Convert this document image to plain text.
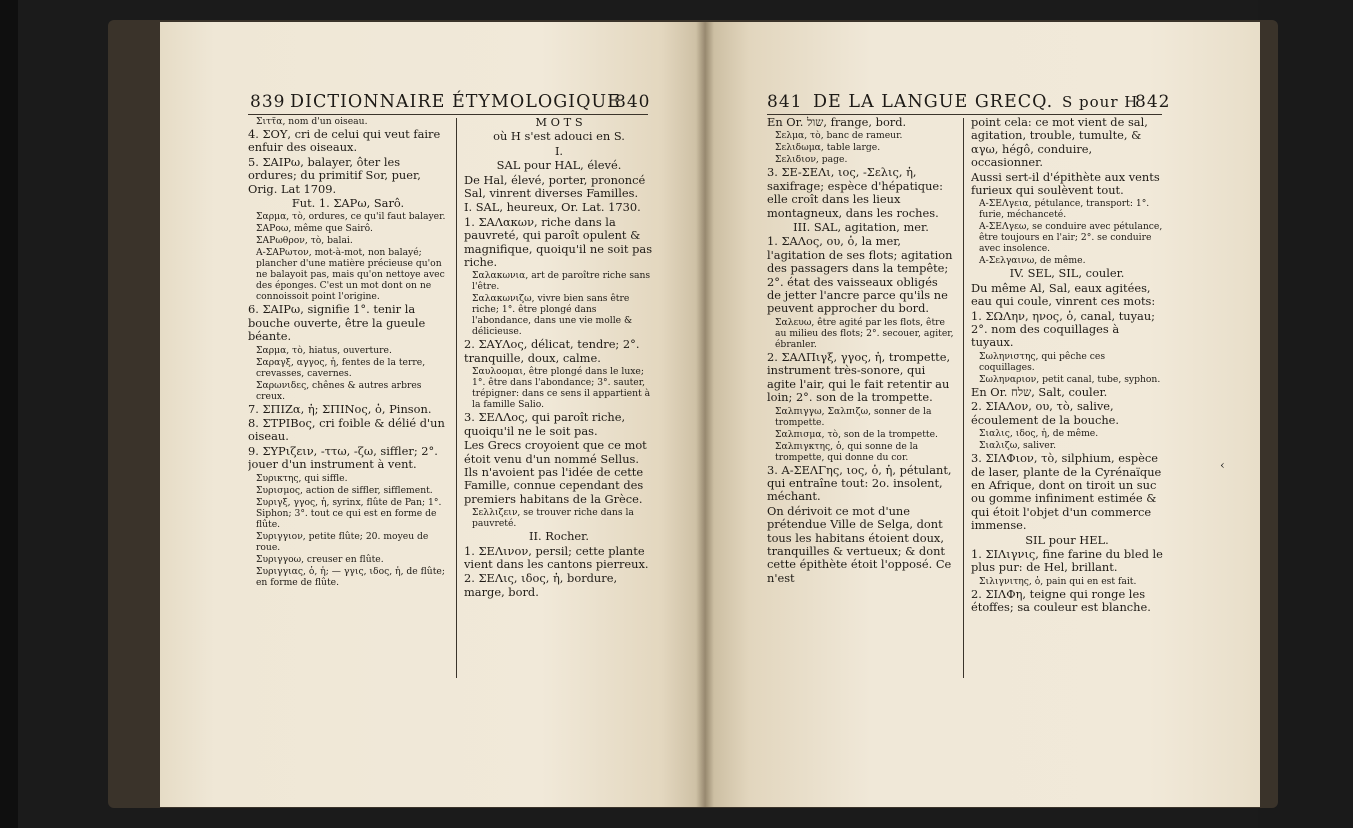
839 DICTIONNAIRE ÉTYMOLOGIQUE
840

Σιττ̃α, nom d'un oiseau.

4. ΣΟΥ, cri de celui qui veut faire enfuir des oiseaux.

5. ΣΑΙΡω, balayer, ôter les ordures; du primitif Sor, puer, Orig. Lat 1709.

Fut. 1. ΣΑΡω, Sarô.

Σαρμα, τὸ, ordures, ce qu'il faut balayer.

ΣΑΡοω, même que Sairô.

ΣΑΡωθρον, τὸ, balai.

Α-ΣΑΡωτον, mot-à-mot, non balayé; plancher d'une matière précieuse qu'on ne balayoit pas, mais qu'on nettoye avec des éponges. C'est un mot dont on ne connoissoit point l'origine.

6. ΣΑΙΡω, signifie 1°. tenir la bouche ouverte, être la gueule béante.

Σαρμα, τὸ, hiatus, ouverture.

Σαραγξ, αγγος, ἡ, fentes de la terre, crevasses, cavernes.

Σαρωνιδες, chênes & autres arbres creux.

7. ΣΠΙΖα, ἡ; ΣΠΙΝος, ὁ, Pinson.

8. ΣΤΡΙΒος, cri foible & délié d'un oiseau.

9. ΣΥΡιζειν, -ττω, -ζω, siffler; 2°. jouer d'un instrument à vent.

Συρικτης, qui siffle.

Συρισμος, action de siffler, sifflement.

Συριγξ, γγος, ἡ, syrinx, flûte de Pan; 1°. Siphon; 3°. tout ce qui est en forme de flûte.

Συριγγιον, petite flûte; 20. moyeu de roue.

Συριγγοω, creuser en flûte.

Συριγγιας, ὁ, ἡ; — γγις, ιδος, ἡ, de flûte; en forme de flûte.

M O T S

où H s'est adouci en S.

I.

SAL pour HAL, élevé.

De Hal, élevé, porter, prononcé Sal, vinrent diverses Familles.

I. SAL, heureux, Or. Lat. 1730.

1. ΣΑΛακων, riche dans la pauvreté, qui paroît opulent & magnifique, quoiqu'il ne soit pas riche.

Σαλακωνια, art de paroître riche sans l'être.

Σαλακωνιζω, vivre bien sans être riche; 1°. être plongé dans l'abondance, dans une vie molle & délicieuse.

2. ΣΑΥΛος, délicat, tendre; 2°. tranquille, doux, calme.

Σαυλοομαι, être plongé dans le luxe; 1°. être dans l'abondance; 3°. sauter, trépigner: dans ce sens il appartient à la famille Salio.

3. ΣΕΛΛος, qui paroît riche, quoiqu'il ne le soit pas.

Les Grecs croyoient que ce mot étoit venu d'un nommé Sellus. Ils n'avoient pas l'idée de cette Famille, connue cependant des premiers habitans de la Grèce.

Σελλιζειν, se trouver riche dans la pauvreté.

II. Rocher.

1. ΣΕΛινον, persil; cette plante vient dans les cantons pierreux.

2. ΣΕΛις, ιδος, ἡ, bordure, marge, bord.

841 DE LA LANGUE GRECQ. S pour H
842

En Or. שול, frange, bord.

Σελμα, τὸ, banc de rameur.

Σελιδωμα, table large.

Σελιδιον, page.

3. ΣΕ-ΣΕΛι, ιος, -Σελις, ἡ, saxifrage; espèce d'hépatique: elle croît dans les lieux montagneux, dans les roches.

III. SAL, agitation, mer.

1. ΣΑΛος, ου, ὁ, la mer, l'agitation de ses flots; agitation des passagers dans la tempête; 2°. état des vaisseaux obligés de jetter l'ancre parce qu'ils ne peuvent approcher du bord.

Σαλευω, être agité par les flots, être au milieu des flots; 2°. secouer, agiter, ébranler.

2. ΣΑΛΠιγξ, γγος, ἡ, trompette, instrument très-sonore, qui agite l'air, qui le fait retentir au loin; 2°. son de la trompette.

Σαλπιγγω, Σαλπιζω, sonner de la trompette.

Σαλπισμα, τὸ, son de la trompette.

Σαλπιγκτης, ὁ, qui sonne de la trompette, qui donne du cor.

3. Α-ΣΕΛΓης, ιος, ὁ, ἡ, pétulant, qui entraîne tout: 2o. insolent, méchant.

On dérivoit ce mot d'une prétendue Ville de Selga, dont tous les habitans étoient doux, tranquilles & vertueux; & dont cette épithète étoit l'opposé. Ce n'est

point cela: ce mot vient de sal, agitation, trouble, tumulte, & αγω, hégô, conduire, occasionner.

Aussi sert-il d'épithète aux vents furieux qui soulèvent tout.

Α-ΣΕΛγεια, pétulance, transport: 1°. furie, méchanceté.

Α-ΣΕΛγεω, se conduire avec pétulance, être toujours en l'air; 2°. se conduire avec insolence.

Α-Σελγαινω, de même.

IV. SEL, SIL, couler.

Du même Al, Sal, eaux agitées, eau qui coule, vinrent ces mots:

1. ΣΩΛην, ηνος, ὁ, canal, tuyau; 2°. nom des coquillages à tuyaux.

Σωληνιστης, qui pêche ces coquillages.

Σωληναριον, petit canal, tube, syphon.

En Or. שלח, Salt, couler.

2. ΣΙΑΛον, ου, τὸ, salive, écoulement de la bouche.

Σιαλις, ιδος, ἡ, de même.

Σιαλιζω, saliver.

3. ΣΙΛΦιον, τὸ, silphium, espèce de laser, plante de la Cyrénaïque en Afrique, dont on tiroit un suc ou gomme infiniment estimée & qui étoit l'objet d'un commerce immense.

SIL pour HEL.

1. ΣΙΛιγνις, fine farine du bled le plus pur: de Hel, brillant.

Σιλιγνιτης, ὁ, pain qui en est fait.

2. ΣΙΛΦη, teigne qui ronge les étoffes; sa couleur est blanche.

‹
